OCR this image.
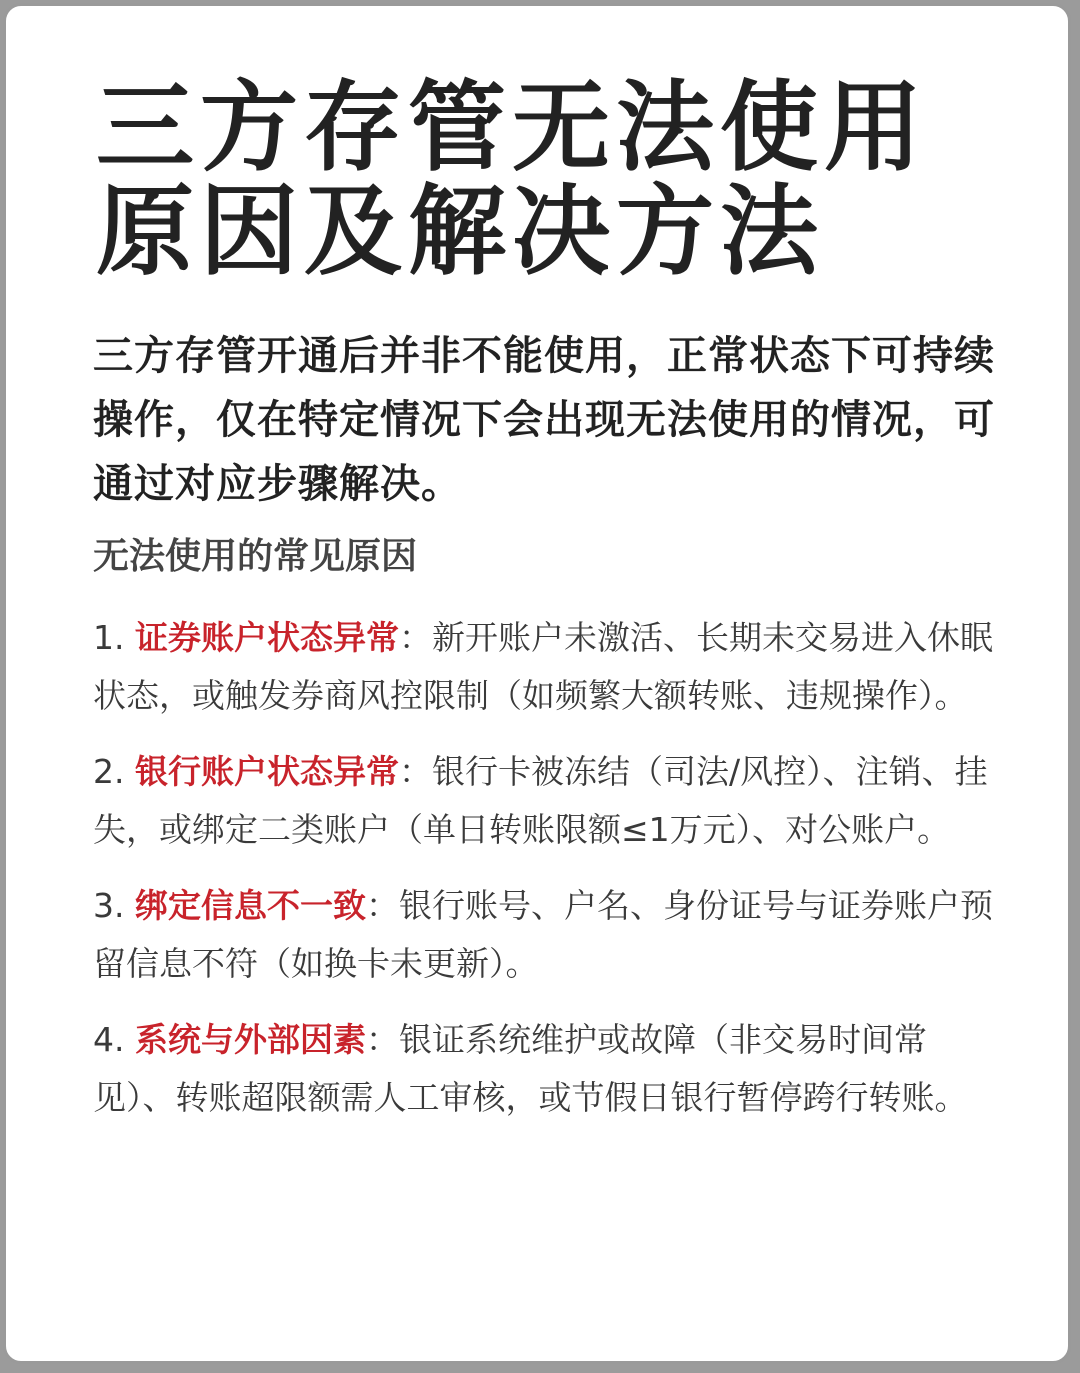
三方存管无法使用
原因及解决方法

三方存管开通后并非不能使用，正常状态下可持续操作，仅在特定情况下会出现无法使用的情况，可通过对应步骤解决。

无法使用的常见原因
1. 证券账户状态异常：新开账户未激活、长期未交易进入休眠状态，或触发券商风控限制（如频繁大额转账、违规操作）。
2. 银行账户状态异常：银行卡被冻结（司法/风控）、注销、挂失，或绑定二类账户（单日转账限额≤1万元）、对公账户。
3. 绑定信息不一致：银行账号、户名、身份证号与证券账户预留信息不符（如换卡未更新）。
4. 系统与外部因素：银证系统维护或故障（非交易时间常见）、转账超限额需人工审核，或节假日银行暂停跨行转账。
